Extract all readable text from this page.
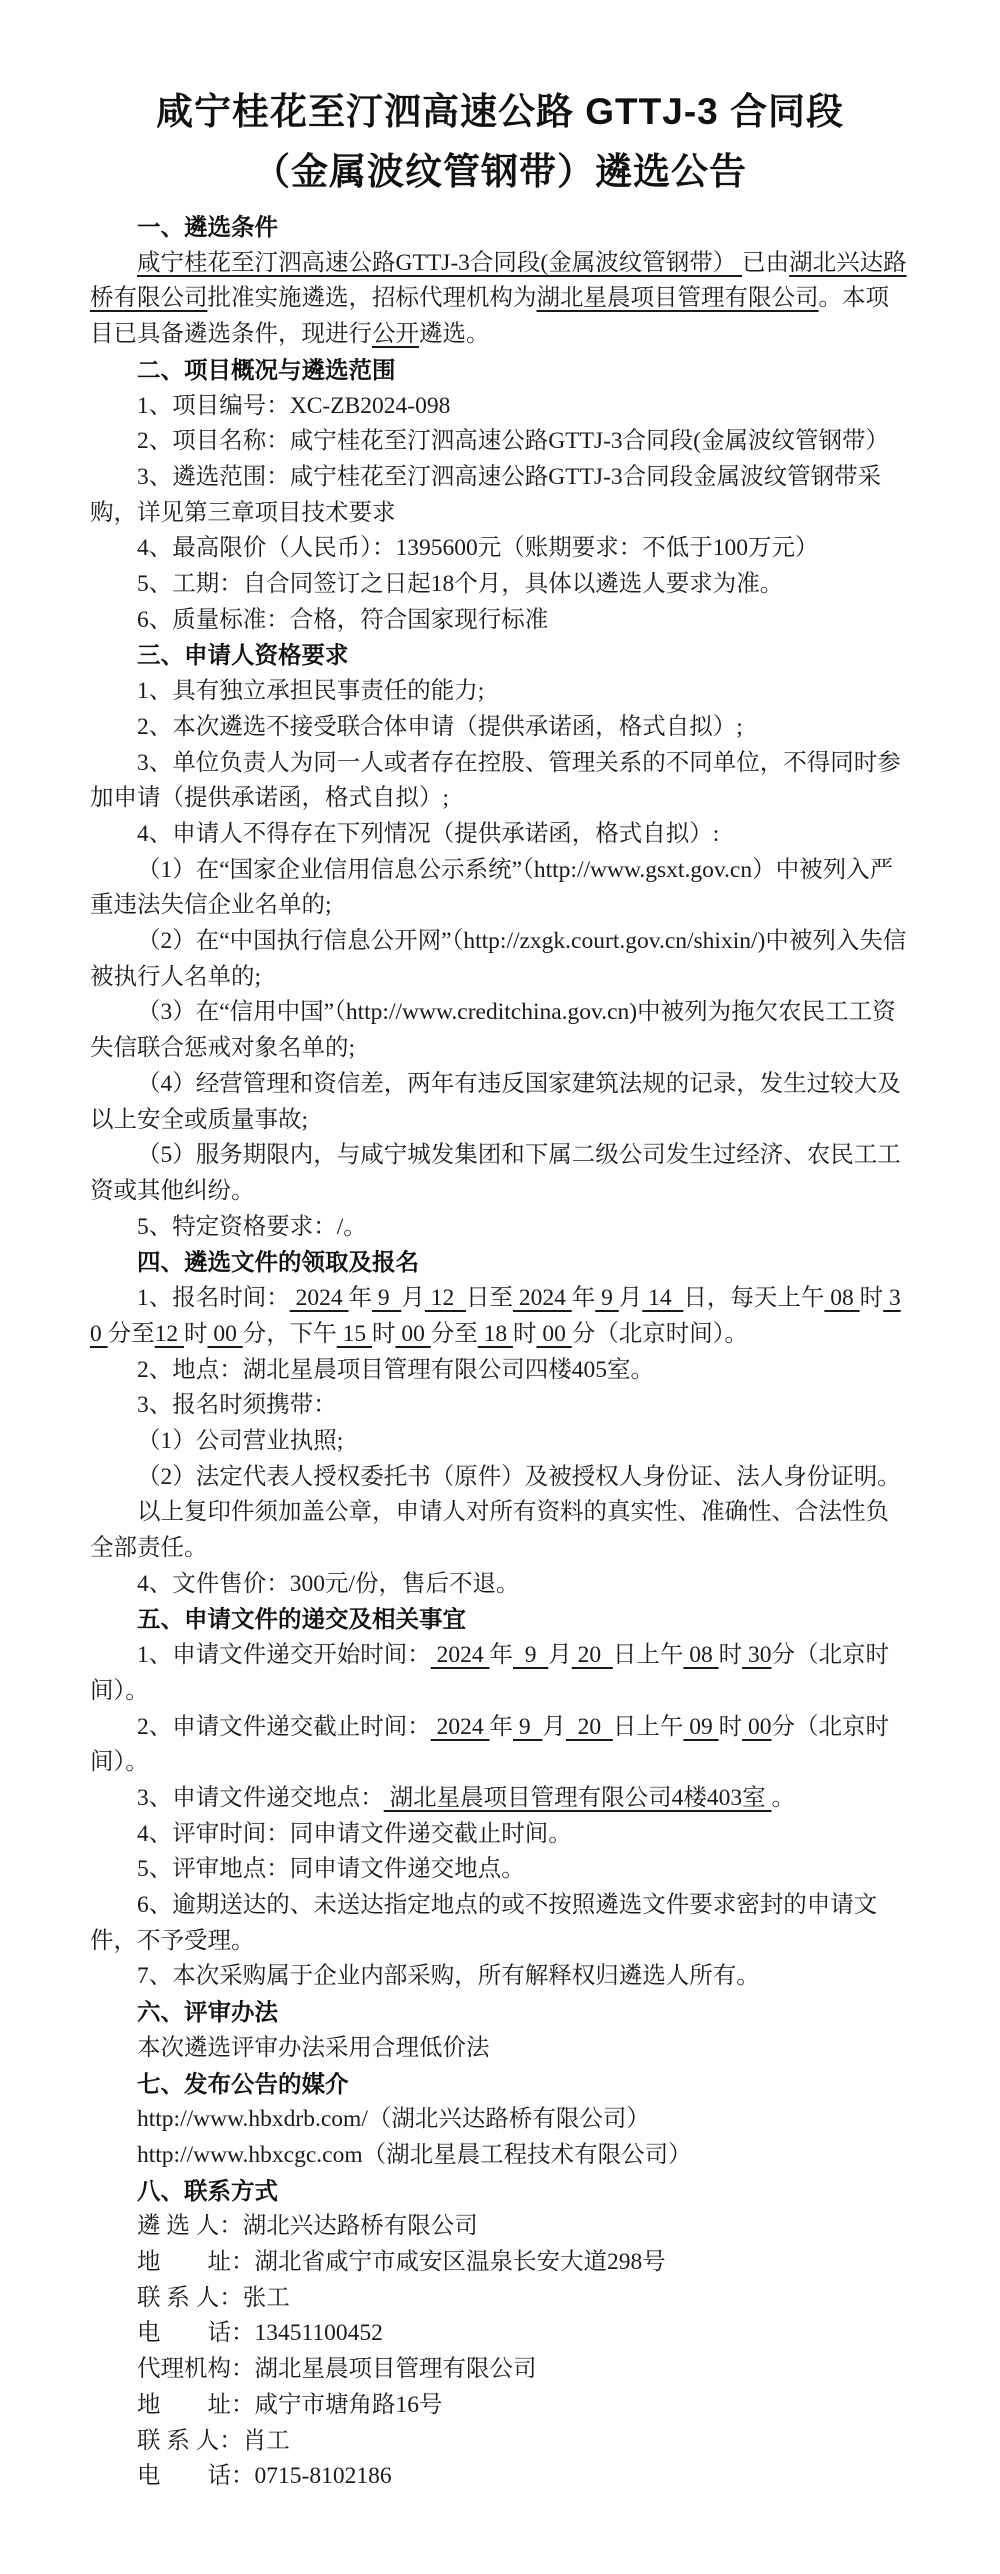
咸宁桂花至汀泗高速公路 GTTJ-3 合同段
（金属波纹管钢带）遴选公告

一、遴选条件

咸宁桂花至汀泗高速公路GTTJ-3合同段(金属波纹管钢带） 已由湖北兴达路桥有限公司批准实施遴选，招标代理机构为湖北星晨项目管理有限公司。本项目已具备遴选条件，现进行公开遴选。

二、项目概况与遴选范围

1、项目编号：XC-ZB2024-098

2、项目名称：咸宁桂花至汀泗高速公路GTTJ-3合同段(金属波纹管钢带）

3、遴选范围：咸宁桂花至汀泗高速公路GTTJ-3合同段金属波纹管钢带采购，详见第三章项目技术要求

4、最高限价（人民币）：1395600元（账期要求：不低于100万元）

5、工期：自合同签订之日起18个月，具体以遴选人要求为准。

6、质量标准：合格，符合国家现行标准

三、申请人资格要求

1、具有独立承担民事责任的能力;

2、本次遴选不接受联合体申请（提供承诺函，格式自拟）;

3、单位负责人为同一人或者存在控股、管理关系的不同单位，不得同时参加申请（提供承诺函，格式自拟）;

4、申请人不得存在下列情况（提供承诺函，格式自拟）:

（1）在“国家企业信用信息公示系统”（http://www.gsxt.gov.cn）中被列入严重违法失信企业名单的;

（2）在“中国执行信息公开网”（http://zxgk.court.gov.cn/shixin/)中被列入失信被执行人名单的;

（3）在“信用中国”（http://www.creditchina.gov.cn)中被列为拖欠农民工工资失信联合惩戒对象名单的;

（4）经营管理和资信差，两年有违反国家建筑法规的记录，发生过较大及以上安全或质量事故;

（5）服务期限内，与咸宁城发集团和下属二级公司发生过经济、农民工工资或其他纠纷。

5、特定资格要求：/。

四、遴选文件的领取及报名

1、报名时间： 2024 年 9  月 12  日至 2024 年 9 月 14  日，每天上午 08 时 30 分至12 时 00 分，下午 15 时 00 分至 18 时 00 分（北京时间）。

2、地点：湖北星晨项目管理有限公司四楼405室。

3、报名时须携带：

（1）公司营业执照;

（2）法定代表人授权委托书（原件）及被授权人身份证、法人身份证明。

以上复印件须加盖公章，申请人对所有资料的真实性、准确性、合法性负全部责任。

4、文件售价：300元/份，售后不退。

五、申请文件的递交及相关事宜

1、申请文件递交开始时间： 2024 年  9  月 20  日上午 08 时 30分（北京时间）。

2、申请文件递交截止时间： 2024 年 9  月  20  日上午 09 时 00分（北京时间）。

3、申请文件递交地点： 湖北星晨项目管理有限公司4楼403室 。

4、评审时间：同申请文件递交截止时间。

5、评审地点：同申请文件递交地点。

6、逾期送达的、未送达指定地点的或不按照遴选文件要求密封的申请文件，不予受理。

7、本次采购属于企业内部采购，所有解释权归遴选人所有。

六、评审办法

本次遴选评审办法采用合理低价法

七、发布公告的媒介

http://www.hbxdrb.com/（湖北兴达路桥有限公司）

http://www.hbxcgc.com（湖北星晨工程技术有限公司）

八、联系方式

遴 选 人：湖北兴达路桥有限公司

地　　址：湖北省咸宁市咸安区温泉长安大道298号

联 系 人：张工

电　　话：13451100452

代理机构：湖北星晨项目管理有限公司

地　　址：咸宁市塘角路16号

联 系 人：肖工

电　　话：0715-8102186
